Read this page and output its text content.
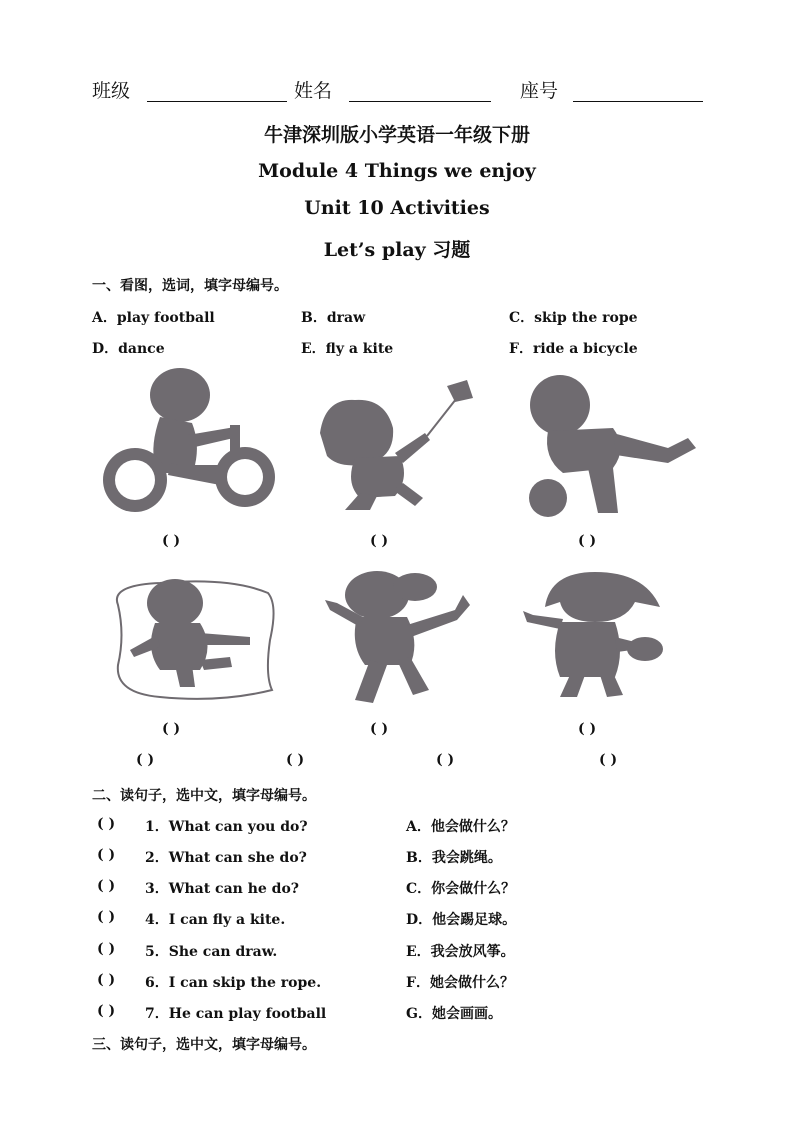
班级	姓名	座号
牛津深圳版小学英语一年级下册
Module 4 Things we enjoy
Unit 10 Activities
Let’s play 习题
一、看图，选词，填字母编号。
A．play football	B．draw	C．skip the rope
D．dance	E．fly a kite	F．ride a bicycle
( )	( )	( )
( )	( )	( )
( )	( )	( )	( )
二、读句子，选中文，填字母编号。
( ) 1．What can you do?	A．他会做什么？
( ) 2．What can she do?	B．我会跳绳。
( ) 3．What can he do?	C．你会做什么？
( ) 4．I can fly a kite.	D．他会踢足球。
( ) 5．She can draw.	E．我会放风筝。
( ) 6．I can skip the rope.	F．她会做什么？
( ) 7．He can play football	G．她会画画。
三、读句子，选中文，填字母编号。
